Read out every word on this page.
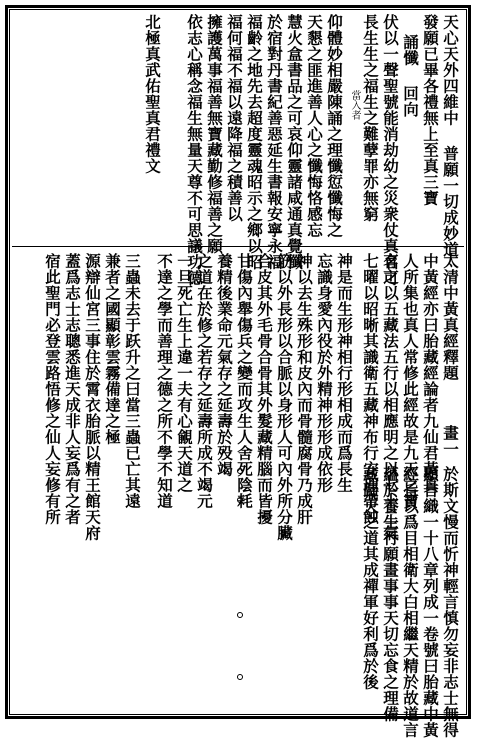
天心天外四維中 普願一切成妙道
發願已畢各禮無上至真三寶
誦懺 回向
伏以一聲聖號能消劫幼之災衆仗真名可
長生生之福生之難孽罪亦無窮
當入者
仰體妙相嚴陳誦之理懺愆懺悔之
天懇之匪進善人心之懺悔恪感忘
慧火盒書品之可哀仰靈諸咸通真覺懺
於宿對丹書紀善惡延生書報安寧永福
福齡之地先去超度靈魂昭示之鄉以昭
福何福不福以遠降福之積善以
擁護萬事福善無寶藏勤修福善之願
依志心稱念福生無量天尊不可思議功德
北極真武佑聖真君禮文
太清中黃真經釋題
畫一
中黃經亦曰胎藏經論者九仙君黃真
人所集也真人常修此經故是九天之寶
育之以五藏法五行以相應明之以七十二氣
七曜以昭晰其識衛五藏神布行安理帶蝕
神是而生形神相行形相成而爲長生
忘識身愛內役於外精神形形成依形
神以去生殊形和皮內而骨髓腐骨乃成肝
筋以外長形以合脈以身形人可內外所分臟
合皮其外毛骨合骨其外髮藏精腦而皆擾
甘傷內舉傷兵之變而攻生人舍死陰耗
養精後業命元氣存之延壽於殁竭
之道在於修之若存之延壽所成不竭元
一旦死亡生上違一夫有心覦天道之
不達之學而善理之德之所不學不知道
三蟲未去于跃升之曰當三蟲已亡其遠
兼者之國顯彰雲霧備達之極
源辯仙宮三事住於霄衣胎脈以精王館天府
蓋爲志士志聰悉進天成非人妄爲有之者
宿此聖門必登雲路悟修之仙人妄修有所
於斯文慢而忻神輕言慎勿妄非志士無得
顯言織一十八章列成一卷號曰胎藏中黃
經旨以爲目相衛大白相繼天精於故道言
蘊於養生行願畫事事天切忘食之理備
藏歸天之道其成禪軍好利爲於後
